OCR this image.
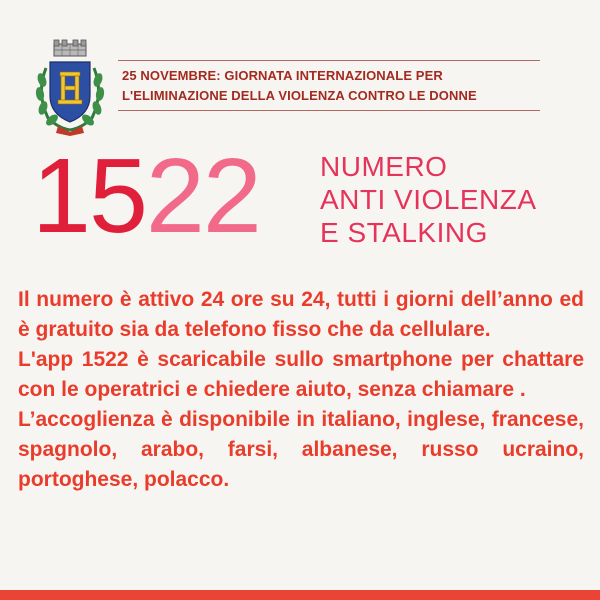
25 NOVEMBRE: GIORNATA INTERNAZIONALE PER
L'ELIMINAZIONE DELLA VIOLENZA CONTRO LE DONNE
1522 NUMERO
ANTI VIOLENZA
E STALKING

Il numero è attivo 24 ore su 24, tutti i giorni dell’anno ed è gratuito sia da telefono fisso che da cellulare.

L'app 1522 è scaricabile sullo smartphone per chattare con le operatrici e chiedere aiuto, senza chiamare .

L’accoglienza è disponibile in italiano, inglese, francese, spagnolo, arabo, farsi, albanese, russo ucraino, portoghese, polacco.
